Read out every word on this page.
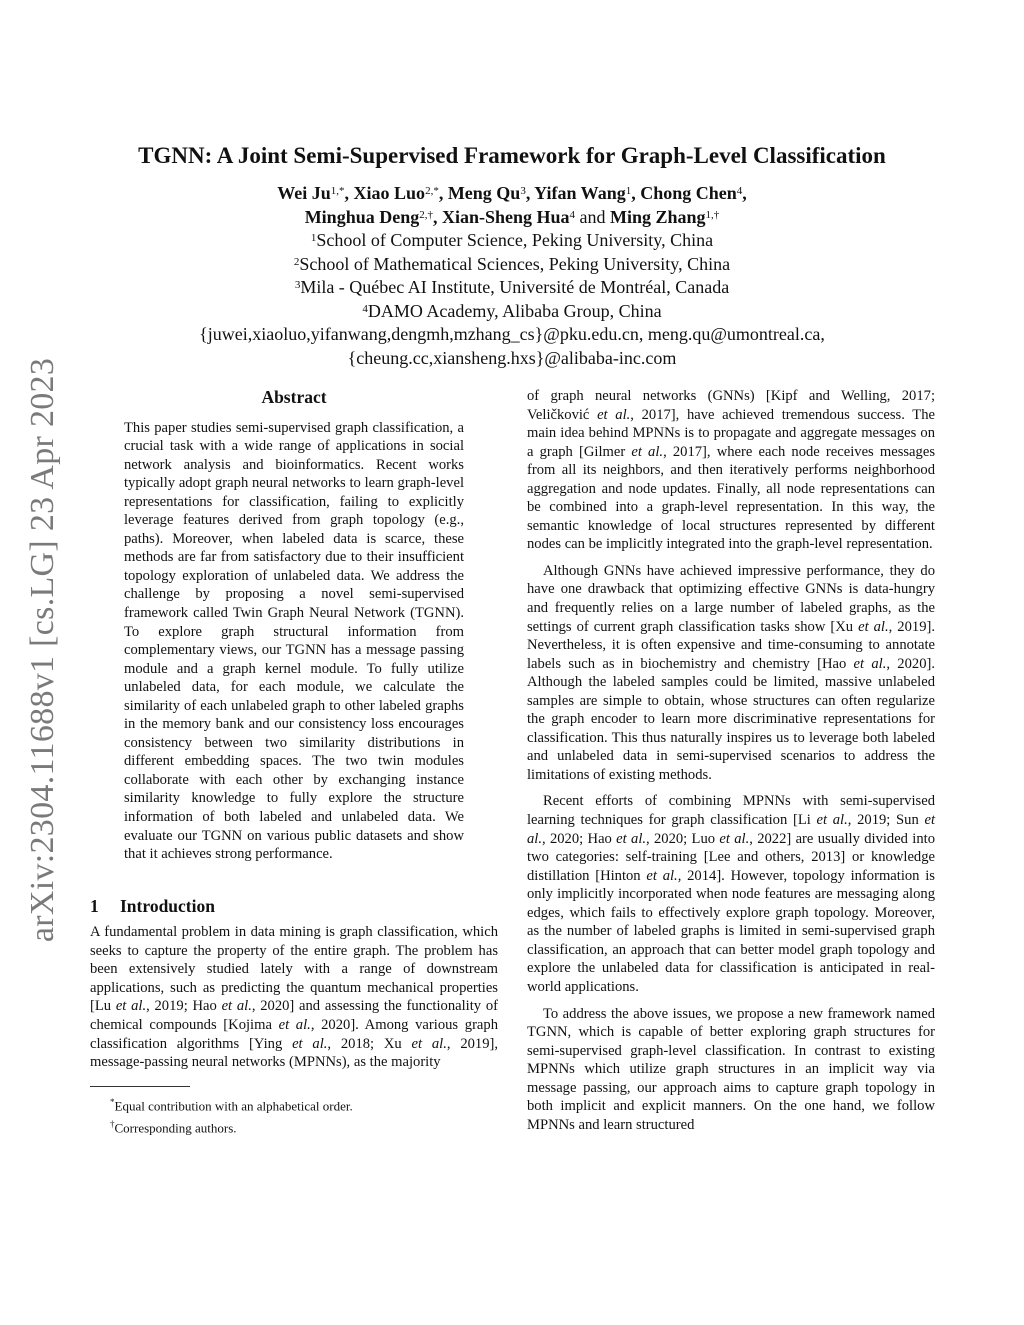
arXiv:2304.11688v1 [cs.LG] 23 Apr 2023
TGNN: A Joint Semi-Supervised Framework for Graph-Level Classification
Wei $Ju^{1,*}$, Xiao Luo$^{2,*}$, Meng Qu$^3$, Yifan Wang$^1$, Chong Chen$^4$,
Minghua Deng$^{2,\dagger}$, Xian-Sheng Hua$^4$ and Ming Zhang$^{1,\dagger}$
$^1$School of Computer Science, Peking University, China
$^2$School of Mathematical Sciences, Peking University, China
$^3$Mila - Québec AI Institute, Université de Montréal, Canada
$^4$DAMO Academy, Alibaba Group, China
{juwei,xiaoluo,yifanwang,dengmh,mzhang_cs}@pku.edu.cn, meng.qu@umontreal.ca,
{cheung.cc,xiansheng.hxs}@alibaba-inc.com
Abstract

This paper studies semi-supervised graph classification, a crucial task with a wide range of applications in social network analysis and bioinformatics. Recent works typically adopt graph neural networks to learn graph-level representations for classification, failing to explicitly leverage features derived from graph topology (e.g., paths). Moreover, when labeled data is scarce, these methods are far from satisfactory due to their insufficient topology exploration of unlabeled data. We address the challenge by proposing a novel semi-supervised framework called Twin Graph Neural Network (TGNN). To explore graph structural information from complementary views, our TGNN has a message passing module and a graph kernel module. To fully utilize unlabeled data, for each module, we calculate the similarity of each unlabeled graph to other labeled graphs in the memory bank and our consistency loss encourages consistency between two similarity distributions in different embedding spaces. The two twin modules collaborate with each other by exchanging instance similarity knowledge to fully explore the structure information of both labeled and unlabeled data. We evaluate our TGNN on various public datasets and show that it achieves strong performance.

1 Introduction

A fundamental problem in data mining is graph classification, which seeks to capture the property of the entire graph. The problem has been extensively studied lately with a range of downstream applications, such as predicting the quantum mechanical properties [Lu et al., 2019; Hao et al., 2020] and assessing the functionality of chemical compounds [Kojima et al., 2020]. Among various graph classification algorithms [Ying et al., 2018; Xu et al., 2019], message-passing neural networks (MPNNs), as the majority

*Equal contribution with an alphabetical order.
†Corresponding authors.

of graph neural networks (GNNs) [Kipf and Welling, 2017; Veličković et al., 2017], have achieved tremendous success. The main idea behind MPNNs is to propagate and aggregate messages on a graph [Gilmer et al., 2017], where each node receives messages from all its neighbors, and then iteratively performs neighborhood aggregation and node updates. Finally, all node representations can be combined into a graph-level representation. In this way, the semantic knowledge of local structures represented by different nodes can be implicitly integrated into the graph-level representation.

Although GNNs have achieved impressive performance, they do have one drawback that optimizing effective GNNs is data-hungry and frequently relies on a large number of labeled graphs, as the settings of current graph classification tasks show [Xu et al., 2019]. Nevertheless, it is often expensive and time-consuming to annotate labels such as in biochemistry and chemistry [Hao et al., 2020]. Although the labeled samples could be limited, massive unlabeled samples are simple to obtain, whose structures can often regularize the graph encoder to learn more discriminative representations for classification. This thus naturally inspires us to leverage both labeled and unlabeled data in semi-supervised scenarios to address the limitations of existing methods.

Recent efforts of combining MPNNs with semi-supervised learning techniques for graph classification [Li et al., 2019; Sun et al., 2020; Hao et al., 2020; Luo et al., 2022] are usually divided into two categories: self-training [Lee and others, 2013] or knowledge distillation [Hinton et al., 2014]. However, topology information is only implicitly incorporated when node features are messaging along edges, which fails to effectively explore graph topology. Moreover, as the number of labeled graphs is limited in semi-supervised graph classification, an approach that can better model graph topology and explore the unlabeled data for classification is anticipated in real-world applications.

To address the above issues, we propose a new framework named TGNN, which is capable of better exploring graph structures for semi-supervised graph-level classification. In contrast to existing MPNNs which utilize graph structures in an implicit way via message passing, our approach aims to capture graph topology in both implicit and explicit manners. On the one hand, we follow MPNNs and learn structured
